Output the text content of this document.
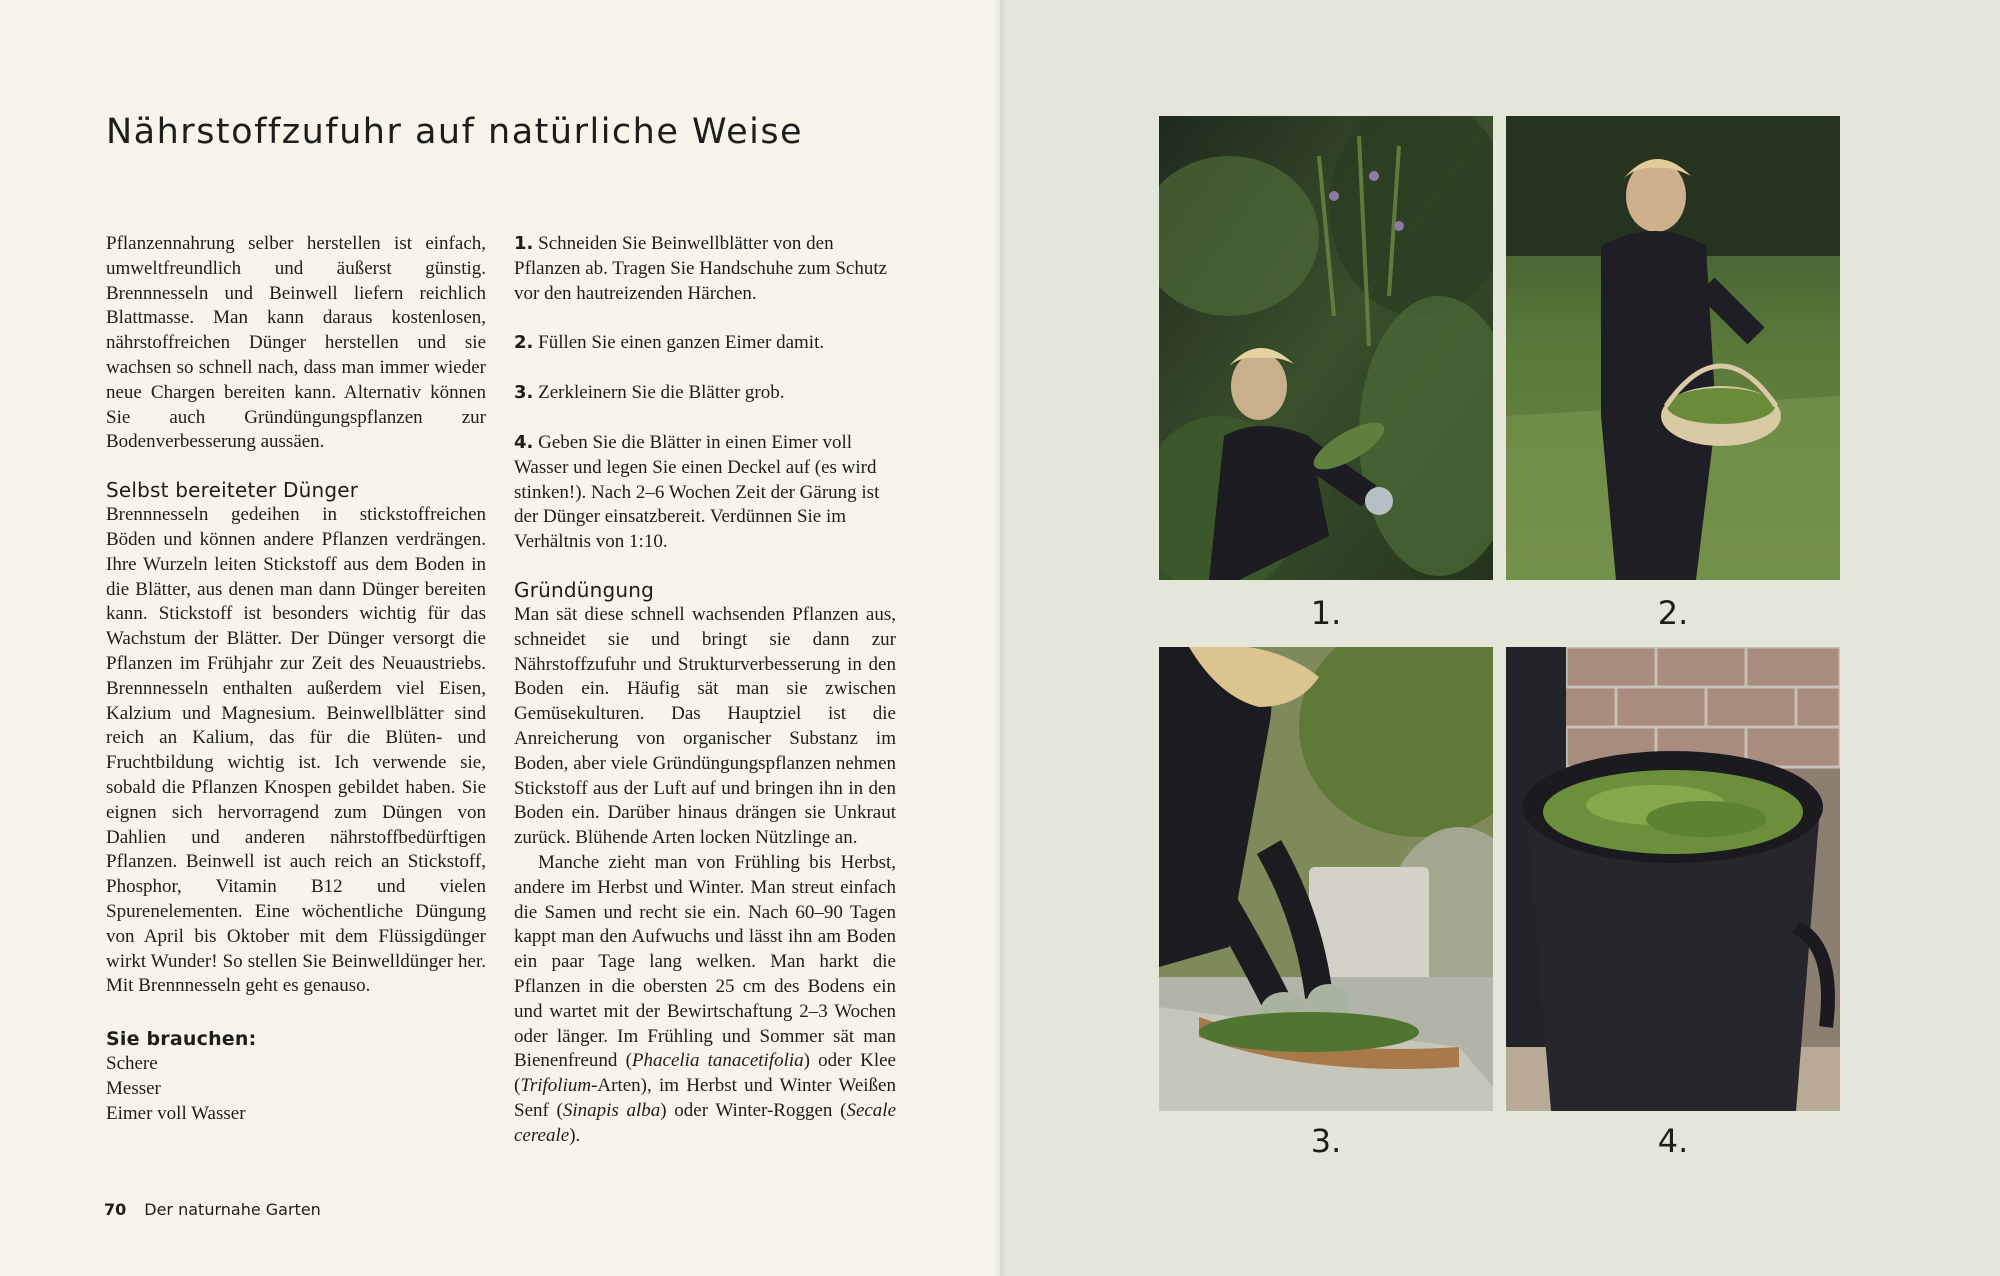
Nährstoffzufuhr auf natürliche Weise

Pflanzennahrung selber herstellen ist einfach, umweltfreundlich und äußerst günstig. Brennnesseln und Beinwell liefern reichlich Blattmasse. Man kann daraus kostenlosen, nährstoffreichen Dünger herstellen und sie wachsen so schnell nach, dass man immer wieder neue Chargen bereiten kann. Alternativ können Sie auch Gründüngungspflanzen zur Bodenverbesserung aussäen.

Selbst bereiteter Dünger

Brennnesseln gedeihen in stickstoffreichen Böden und können andere Pflanzen verdrängen. Ihre Wurzeln leiten Stickstoff aus dem Boden in die Blätter, aus denen man dann Dünger bereiten kann. Stickstoff ist besonders wichtig für das Wachstum der Blätter. Der Dünger versorgt die Pflanzen im Frühjahr zur Zeit des Neuaustriebs. Brennnesseln enthalten außerdem viel Eisen, Kalzium und Magnesium. Beinwellblätter sind reich an Kalium, das für die Blüten- und Fruchtbildung wichtig ist. Ich verwende sie, sobald die Pflanzen Knospen gebildet haben. Sie eignen sich hervorragend zum Düngen von Dahlien und anderen nährstoffbedürftigen Pflanzen. Beinwell ist auch reich an Stickstoff, Phosphor, Vitamin B12 und vielen Spurenelementen. Eine wöchentliche Düngung von April bis Oktober mit dem Flüssigdünger wirkt Wunder! So stellen Sie Beinwelldünger her. Mit Brennnesseln geht es genauso.

Sie brauchen:
Schere
Messer
Eimer voll Wasser

1. Schneiden Sie Beinwellblätter von den Pflanzen ab. Tragen Sie Handschuhe zum Schutz vor den hautreizenden Härchen.

2. Füllen Sie einen ganzen Eimer damit.

3. Zerkleinern Sie die Blätter grob.

4. Geben Sie die Blätter in einen Eimer voll Wasser und legen Sie einen Deckel auf (es wird stinken!). Nach 2–6 Wochen Zeit der Gärung ist der Dünger einsatzbereit. Verdünnen Sie im Verhältnis von 1:10.

Gründüngung

Man sät diese schnell wachsenden Pflanzen aus, schneidet sie und bringt sie dann zur Nährstoffzufuhr und Strukturverbesserung in den Boden ein. Häufig sät man sie zwischen Gemüsekulturen. Das Hauptziel ist die Anreicherung von organischer Substanz im Boden, aber viele Gründüngungspflanzen nehmen Stickstoff aus der Luft auf und bringen ihn in den Boden ein. Darüber hinaus drängen sie Unkraut zurück. Blühende Arten locken Nützlinge an.

Manche zieht man von Frühling bis Herbst, andere im Herbst und Winter. Man streut einfach die Samen und recht sie ein. Nach 60–90 Tagen kappt man den Aufwuchs und lässt ihn am Boden ein paar Tage lang welken. Man harkt die Pflanzen in die obersten 25 cm des Bodens ein und wartet mit der Bewirtschaftung 2–3 Wochen oder länger. Im Frühling und Sommer sät man Bienenfreund (Phacelia tanacetifolia) oder Klee (Trifolium-Arten), im Herbst und Winter Weißen Senf (Sinapis alba) oder Winter-Roggen (Secale cereale).

70 Der naturnahe Garten
1.	2.
3.	4.
